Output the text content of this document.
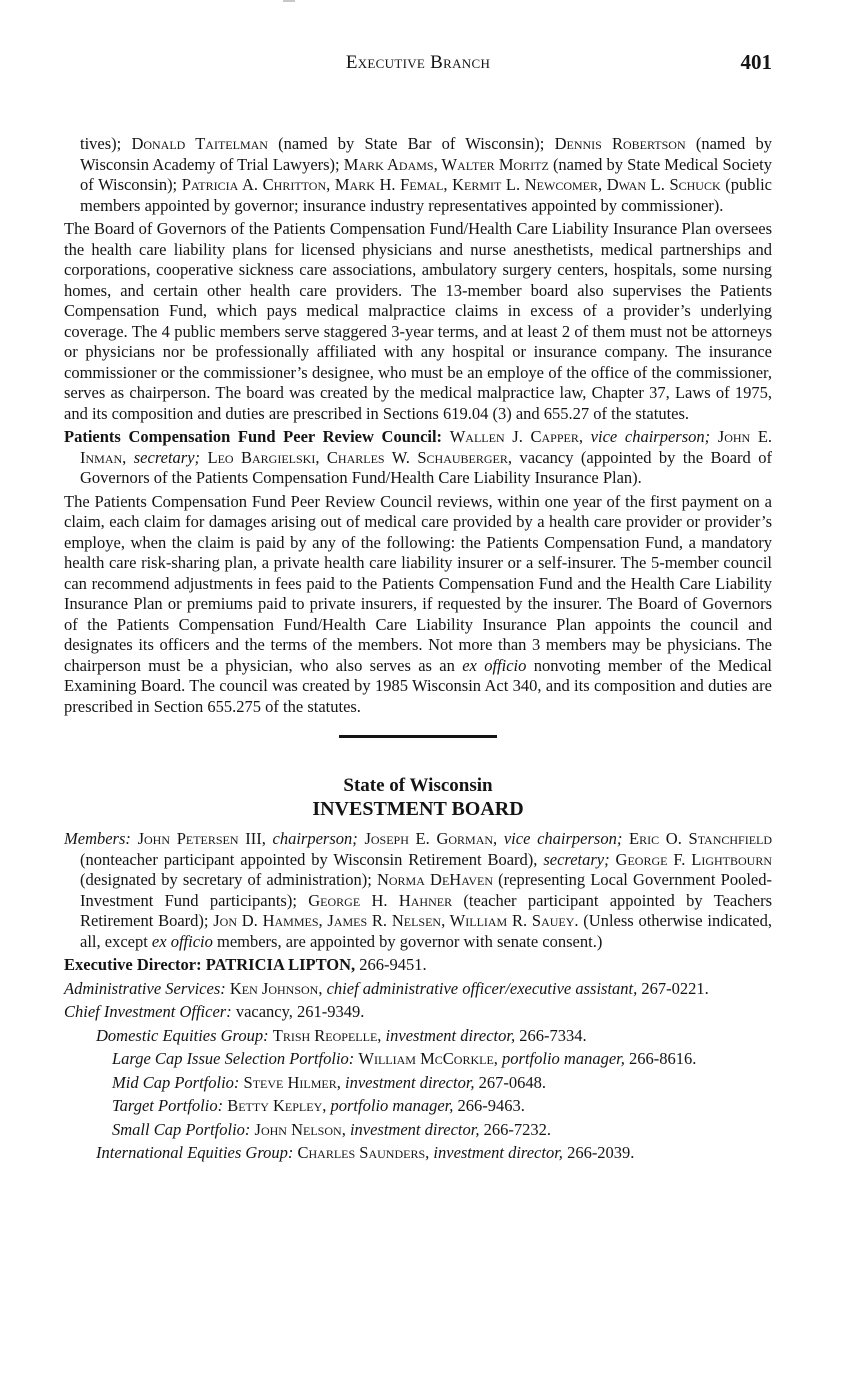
Executive Branch	401

tives); Donald Taitelman (named by State Bar of Wisconsin); Dennis Robertson (named by Wisconsin Academy of Trial Lawyers); Mark Adams, Walter Moritz (named by State Medical Society of Wisconsin); Patricia A. Chritton, Mark H. Femal, Kermit L. Newcomer, Dwan L. Schuck (public members appointed by governor; insurance industry representatives appointed by commissioner).

The Board of Governors of the Patients Compensation Fund/Health Care Liability Insurance Plan oversees the health care liability plans for licensed physicians and nurse anesthetists, medical partnerships and corporations, cooperative sickness care associations, ambulatory surgery centers, hospitals, some nursing homes, and certain other health care providers. The 13-member board also supervises the Patients Compensation Fund, which pays medical malpractice claims in excess of a provider’s underlying coverage. The 4 public members serve staggered 3-year terms, and at least 2 of them must not be attorneys or physicians nor be professionally affiliated with any hospital or insurance company. The insurance commissioner or the commissioner’s designee, who must be an employe of the office of the commissioner, serves as chairperson. The board was created by the medical malpractice law, Chapter 37, Laws of 1975, and its composition and duties are prescribed in Sections 619.04 (3) and 655.27 of the statutes.

Patients Compensation Fund Peer Review Council: Wallen J. Capper, vice chairperson; John E. Inman, secretary; Leo Bargielski, Charles W. Schauberger, vacancy (appointed by the Board of Governors of the Patients Compensation Fund/Health Care Liability Insurance Plan).

The Patients Compensation Fund Peer Review Council reviews, within one year of the first payment on a claim, each claim for damages arising out of medical care provided by a health care provider or provider’s employe, when the claim is paid by any of the following: the Patients Compensation Fund, a mandatory health care risk-sharing plan, a private health care liability insurer or a self-insurer. The 5-member council can recommend adjustments in fees paid to the Patients Compensation Fund and the Health Care Liability Insurance Plan or premiums paid to private insurers, if requested by the insurer. The Board of Governors of the Patients Compensation Fund/Health Care Liability Insurance Plan appoints the council and designates its officers and the terms of the members. Not more than 3 members may be physicians. The chairperson must be a physician, who also serves as an ex officio nonvoting member of the Medical Examining Board. The council was created by 1985 Wisconsin Act 340, and its composition and duties are prescribed in Section 655.275 of the statutes.

State of Wisconsin
INVESTMENT BOARD

Members: John Petersen III, chairperson; Joseph E. Gorman, vice chairperson; Eric O. Stanchfield (nonteacher participant appointed by Wisconsin Retirement Board), secretary; George F. Lightbourn (designated by secretary of administration); Norma DeHaven (representing Local Government Pooled-Investment Fund participants); George H. Hahner (teacher participant appointed by Teachers Retirement Board); Jon D. Hammes, James R. Nelsen, William R. Sauey. (Unless otherwise indicated, all, except ex officio members, are appointed by governor with senate consent.)

Executive Director: PATRICIA LIPTON, 266-9451.

Administrative Services: Ken Johnson, chief administrative officer/executive assistant, 267-0221.

Chief Investment Officer: vacancy, 261-9349.

Domestic Equities Group: Trish Reopelle, investment director, 266-7334.

Large Cap Issue Selection Portfolio: William McCorkle, portfolio manager, 266-8616.

Mid Cap Portfolio: Steve Hilmer, investment director, 267-0648.

Target Portfolio: Betty Kepley, portfolio manager, 266-9463.

Small Cap Portfolio: John Nelson, investment director, 266-7232.

International Equities Group: Charles Saunders, investment director, 266-2039.
